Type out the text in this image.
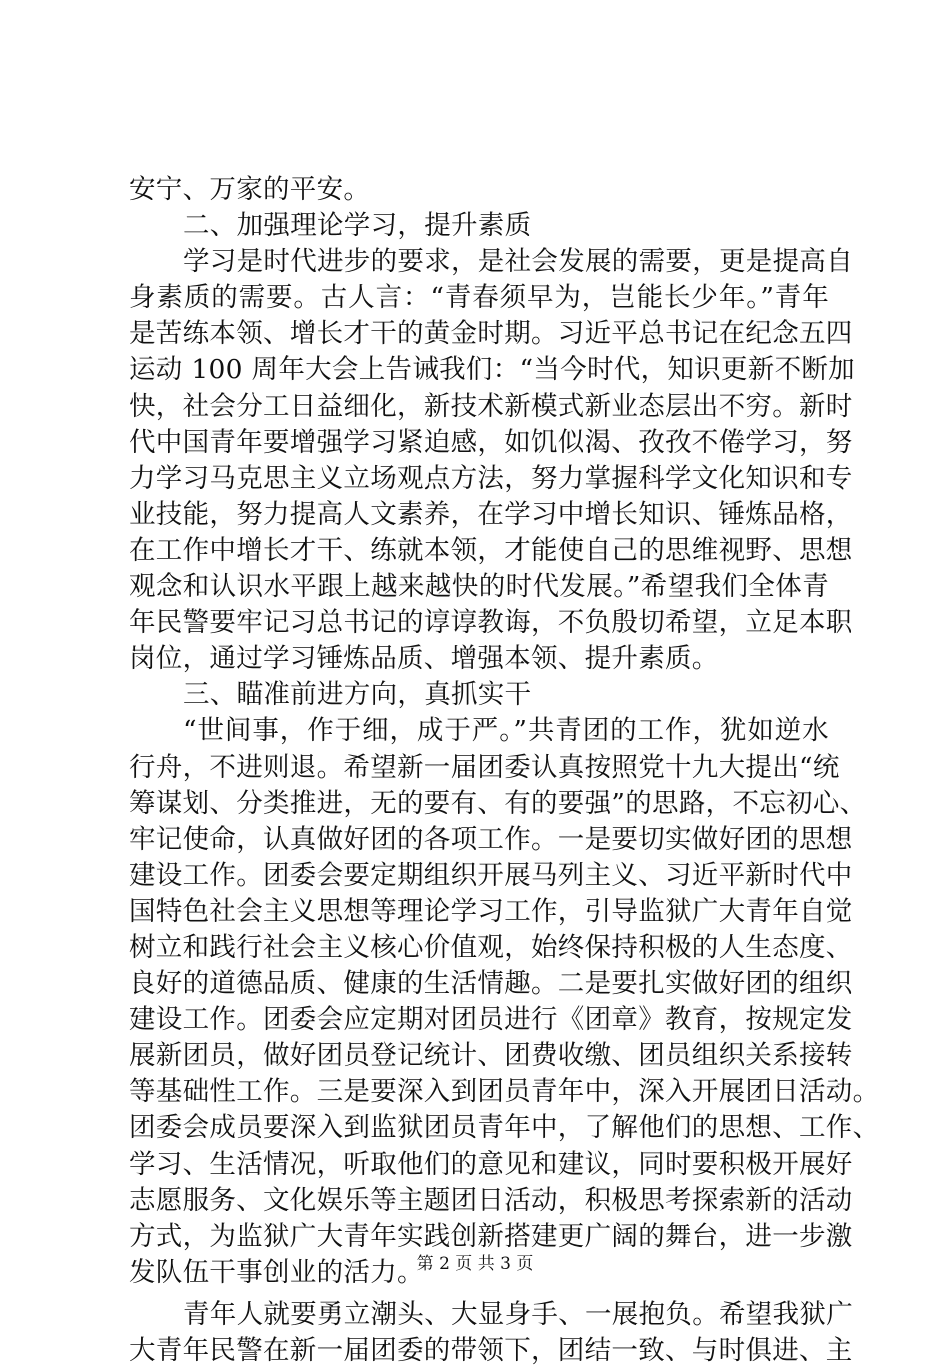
安宁、万家的平安。
二、加强理论学习，提升素质
学习是时代进步的要求，是社会发展的需要，更是提高自
身素质的需要。古人言：“青春须早为，岂能长少年。”青年
是苦练本领、增长才干的黄金时期。习近平总书记在纪念五四
运动 100 周年大会上告诫我们：“当今时代，知识更新不断加
快，社会分工日益细化，新技术新模式新业态层出不穷。新时
代中国青年要增强学习紧迫感，如饥似渴、孜孜不倦学习，努
力学习马克思主义立场观点方法，努力掌握科学文化知识和专
业技能，努力提高人文素养，在学习中增长知识、锤炼品格，
在工作中增长才干、练就本领，才能使自己的思维视野、思想
观念和认识水平跟上越来越快的时代发展。”希望我们全体青
年民警要牢记习总书记的谆谆教诲，不负殷切希望，立足本职
岗位，通过学习锤炼品质、增强本领、提升素质。
三、瞄准前进方向，真抓实干
“世间事，作于细，成于严。”共青团的工作，犹如逆水
行舟，不进则退。希望新一届团委认真按照党十九大提出“统
筹谋划、分类推进，无的要有、有的要强”的思路，不忘初心、
牢记使命，认真做好团的各项工作。一是要切实做好团的思想
建设工作。团委会要定期组织开展马列主义、习近平新时代中
国特色社会主义思想等理论学习工作，引导监狱广大青年自觉
树立和践行社会主义核心价值观，始终保持积极的人生态度、
良好的道德品质、健康的生活情趣。二是要扎实做好团的组织
建设工作。团委会应定期对团员进行《团章》教育，按规定发
展新团员，做好团员登记统计、团费收缴、团员组织关系接转
等基础性工作。三是要深入到团员青年中，深入开展团日活动。
团委会成员要深入到监狱团员青年中，了解他们的思想、工作、
学习、生活情况，听取他们的意见和建议，同时要积极开展好
志愿服务、文化娱乐等主题团日活动，积极思考探索新的活动
方式，为监狱广大青年实践创新搭建更广阔的舞台，进一步激
发队伍干事创业的活力。
青年人就要勇立潮头、大显身手、一展抱负。希望我狱广
大青年民警在新一届团委的带领下，团结一致、与时俱进、主
第 2 页 共 3 页
